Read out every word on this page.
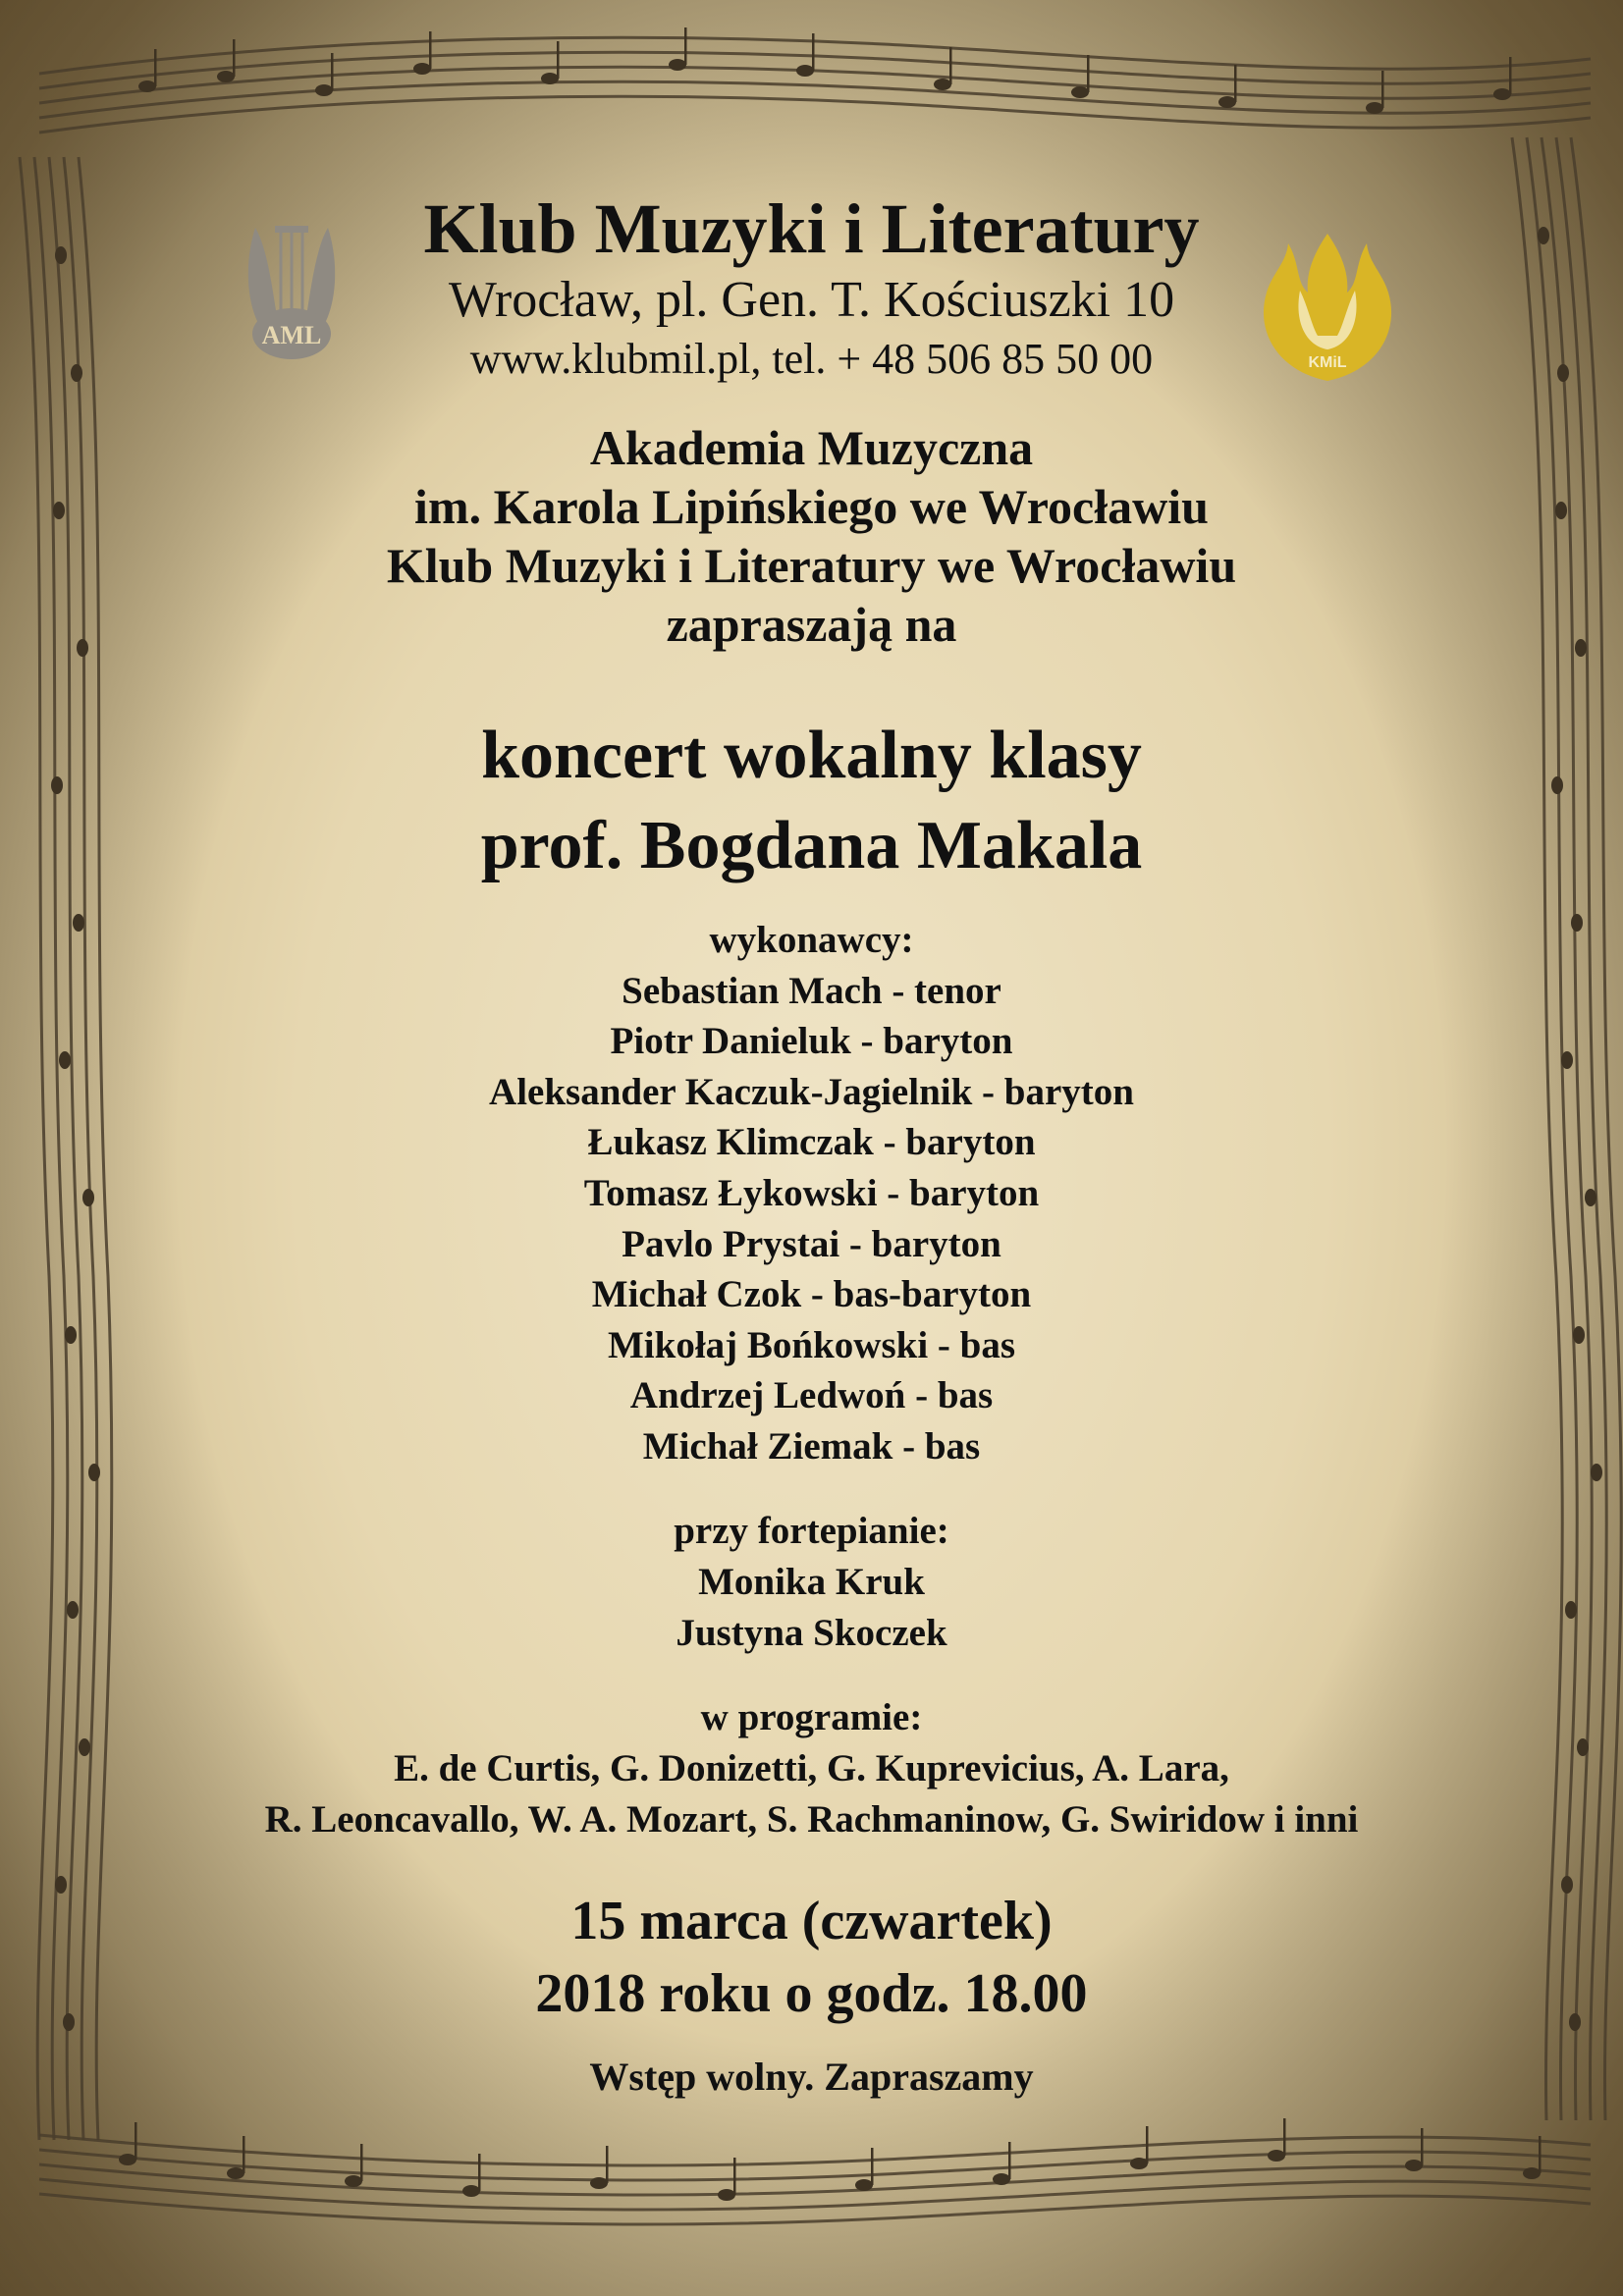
AML
KMiL
Klub Muzyki i Literatury
Wrocław, pl. Gen. T. Kościuszki 10
www.klubmil.pl, tel. + 48 506 85 50 00
Akademia Muzyczna
im. Karola Lipińskiego we Wrocławiu
Klub Muzyki i Literatury we Wrocławiu
zapraszają na
koncert wokalny klasy
prof. Bogdana Makala
wykonawcy:
Sebastian Mach - tenor
Piotr Danieluk - baryton
Aleksander Kaczuk-Jagielnik - baryton
Łukasz Klimczak - baryton
Tomasz Łykowski - baryton
Pavlo Prystai - baryton
Michał Czok - bas-baryton
Mikołaj Bońkowski - bas
Andrzej Ledwoń - bas
Michał Ziemak - bas
przy fortepianie:
Monika Kruk
Justyna Skoczek
w programie:
E. de Curtis, G. Donizetti, G. Kuprevicius, A. Lara,
R. Leoncavallo, W. A. Mozart, S. Rachmaninow, G. Swiridow i inni
15 marca (czwartek)
2018 roku o godz. 18.00
Wstęp wolny. Zapraszamy
